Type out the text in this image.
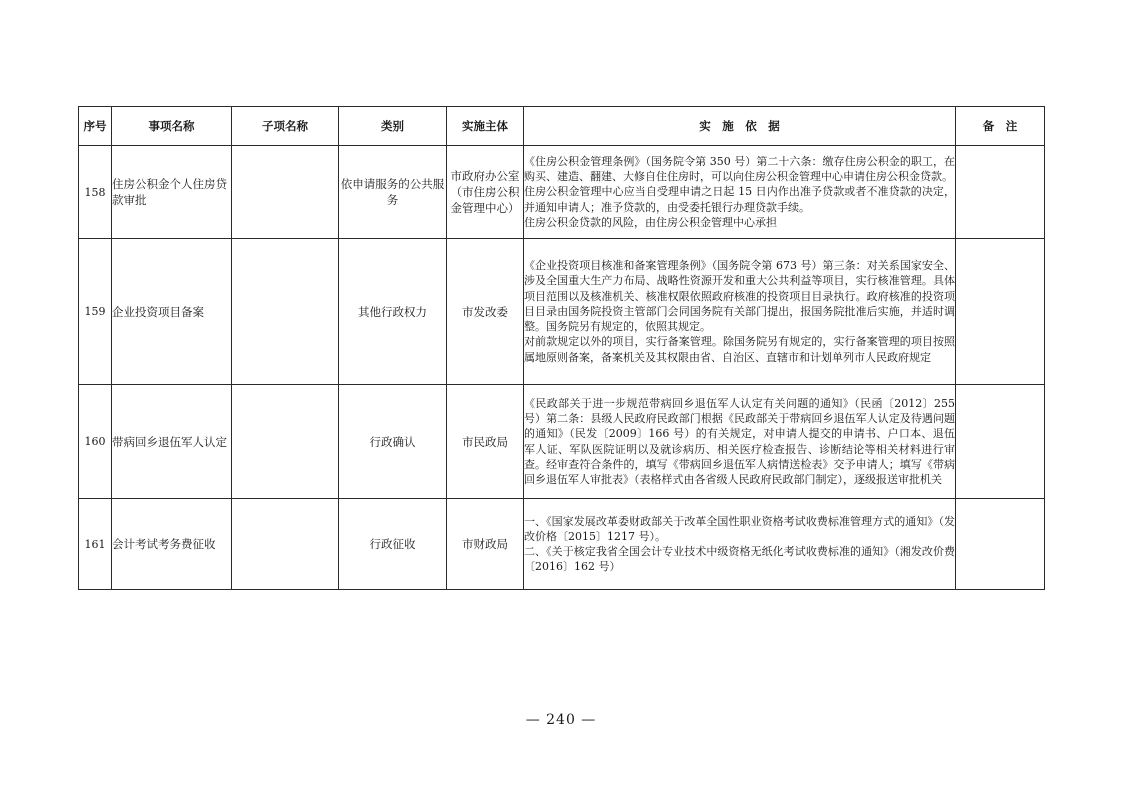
序号	事项名称	子项名称	类别	实施主体	实　施　依　据	备　注
158	住房公积金个人住房贷款审批		依申请服务的公共服务	市政府办公室（市住房公积金管理中心）	《住房公积金管理条例》（国务院令第 350 号）第二十六条：缴存住房公积金的职工，在购买、建造、翻建、大修自住住房时，可以向住房公积金管理中心申请住房公积金贷款。

住房公积金管理中心应当自受理申请之日起 15 日内作出准予贷款或者不准贷款的决定，并通知申请人；准予贷款的，由受委托银行办理贷款手续。

住房公积金贷款的风险，由住房公积金管理中心承担	

159	企业投资项目备案		其他行政权力	市发改委	《企业投资项目核准和备案管理条例》（国务院令第 673 号）第三条：对关系国家安全、涉及全国重大生产力布局、战略性资源开发和重大公共利益等项目，实行核准管理。具体项目范围以及核准机关、核准权限依照政府核准的投资项目目录执行。政府核准的投资项目目录由国务院投资主管部门会同国务院有关部门提出，报国务院批准后实施，并适时调整。国务院另有规定的，依照其规定。

对前款规定以外的项目，实行备案管理。除国务院另有规定的，实行备案管理的项目按照属地原则备案，备案机关及其权限由省、自治区、直辖市和计划单列市人民政府规定	

160	带病回乡退伍军人认定		行政确认	市民政局	《民政部关于进一步规范带病回乡退伍军人认定有关问题的通知》（民函〔2012〕255 号）第二条：县级人民政府民政部门根据《民政部关于带病回乡退伍军人认定及待遇问题的通知》（民发〔2009〕166 号）的有关规定，对申请人提交的申请书、户口本、退伍军人证、军队医院证明以及就诊病历、相关医疗检查报告、诊断结论等相关材料进行审查。经审查符合条件的，填写《带病回乡退伍军人病情送检表》交予申请人；填写《带病回乡退伍军人审批表》（表格样式由各省级人民政府民政部门制定），逐级报送审批机关	

161	会计考试考务费征收		行政征收	市财政局	一、《国家发展改革委财政部关于改革全国性职业资格考试收费标准管理方式的通知》（发改价格〔2015〕1217 号）。

二、《关于核定我省全国会计专业技术中级资格无纸化考试收费标准的通知》（湘发改价费〔2016〕162 号）	

— 240 —
